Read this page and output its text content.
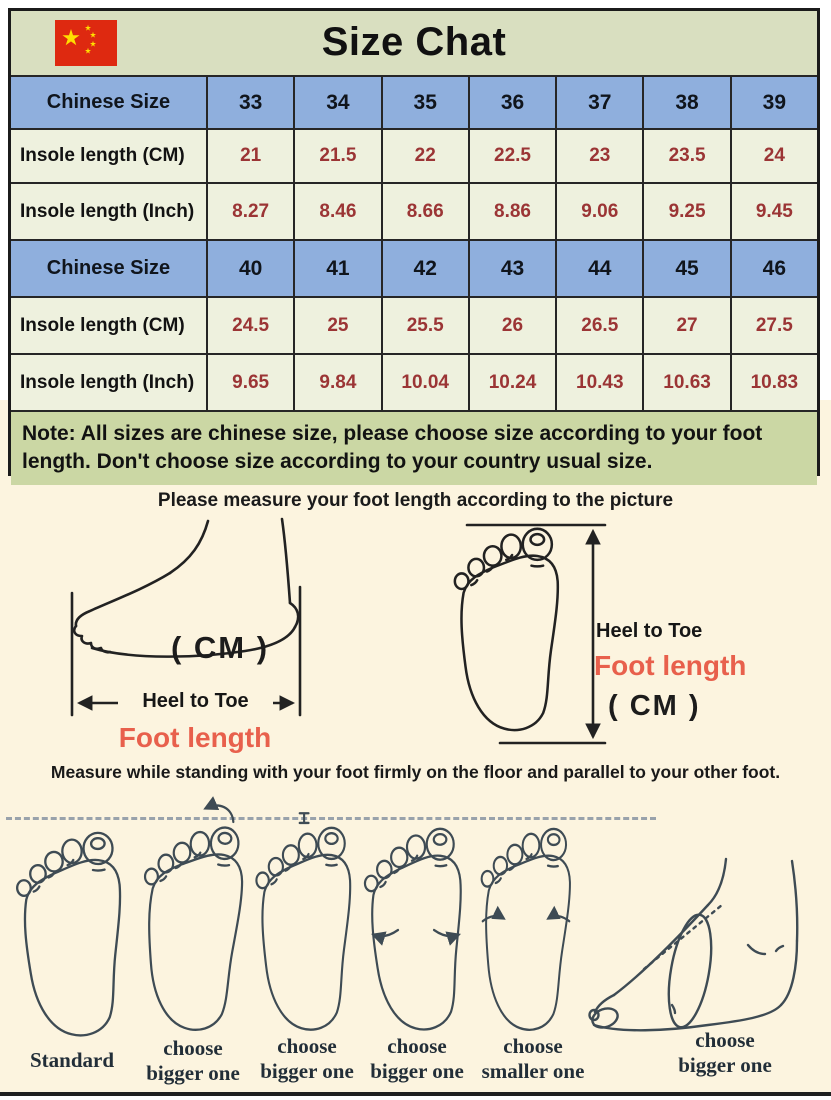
Size Chat
Chinese Size	33	34	35	36	37	38	39
Insole length (CM)	21	21.5	22	22.5	23	23.5	24
Insole length (Inch)	8.27	8.46	8.66	8.86	9.06	9.25	9.45
Chinese Size	40	41	42	43	44	45	46
Insole length (CM)	24.5	25	25.5	26	26.5	27	27.5
Insole length (Inch)	9.65	9.84	10.04	10.24	10.43	10.63	10.83
Note: All sizes are chinese size, please choose size according to your foot length. Don't choose size according to your country usual size.
Please measure your foot length according to the picture
( CM )
Heel to Toe
Foot length
Heel to Toe
Foot length
( CM )
Measure while standing with your foot firmly on the floor and parallel to your other foot.
Standard	choose
bigger one
choose
bigger one
choose
bigger one
choose
smaller one
choose
bigger one
